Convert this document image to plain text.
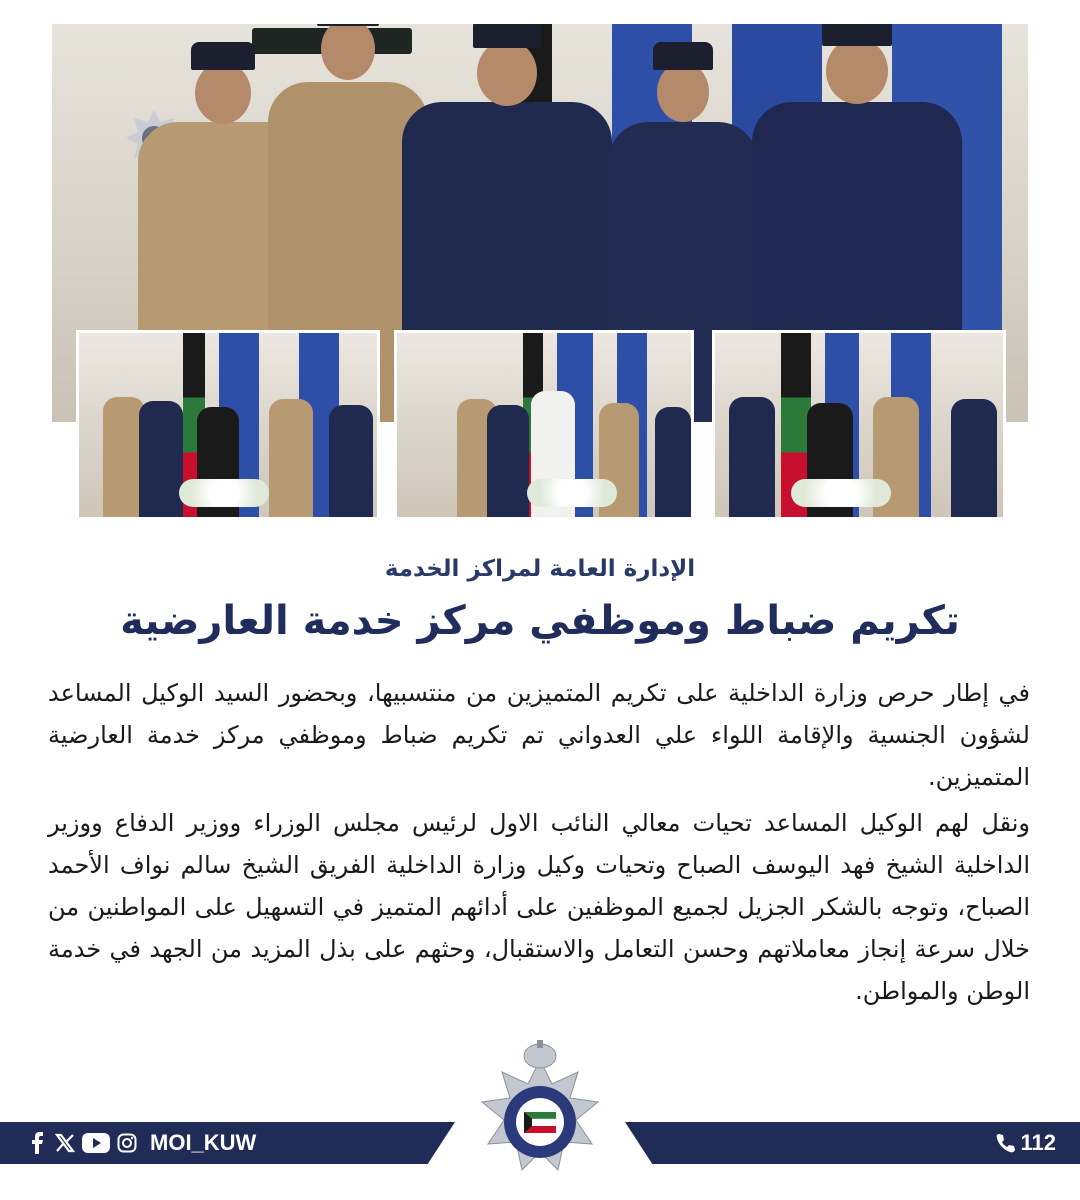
الإدارة العامة لمراكز الخدمة
تكريم ضباط وموظفي مركز خدمة العارضية

في إطار حرص وزارة الداخلية على تكريم المتميزين من منتسبيها، وبحضور السيد الوكيل المساعد لشؤون الجنسية والإقامة اللواء علي العدواني تم تكريم ضباط وموظفي مركز خدمة العارضية المتميزين.

ونقل لهم الوكيل المساعد تحيات معالي النائب الاول لرئيس مجلس الوزراء ووزير الدفاع ووزير الداخلية الشيخ فهد اليوسف الصباح وتحيات وكيل وزارة الداخلية الفريق الشيخ سالم نواف الأحمد الصباح، وتوجه بالشكر الجزيل لجميع الموظفين على أدائهم المتميز في التسهيل على المواطنين من خلال سرعة إنجاز معاملاتهم وحسن التعامل والاستقبال، وحثهم على بذل المزيد من الجهد في خدمة الوطن والمواطن.

MOI_KUW	112
